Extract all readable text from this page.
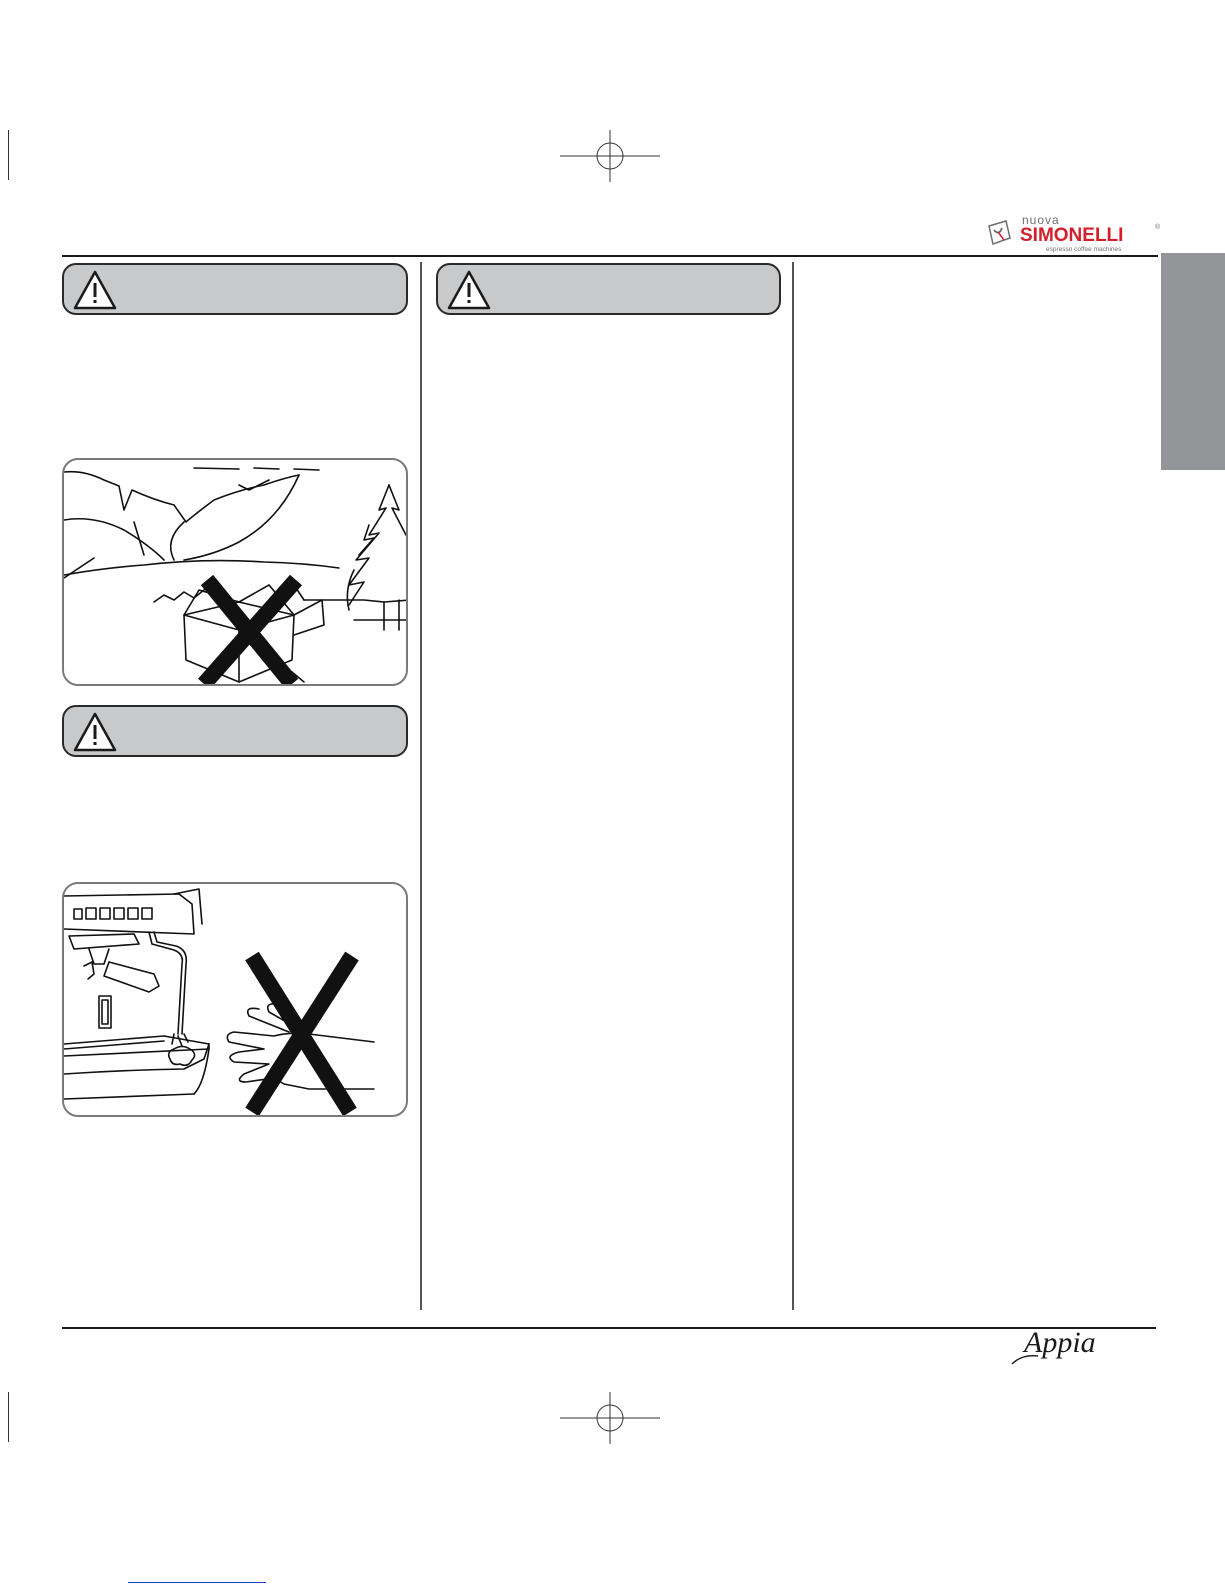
nuova
SIMONELLI	®
espresso coffee machines
Appia
